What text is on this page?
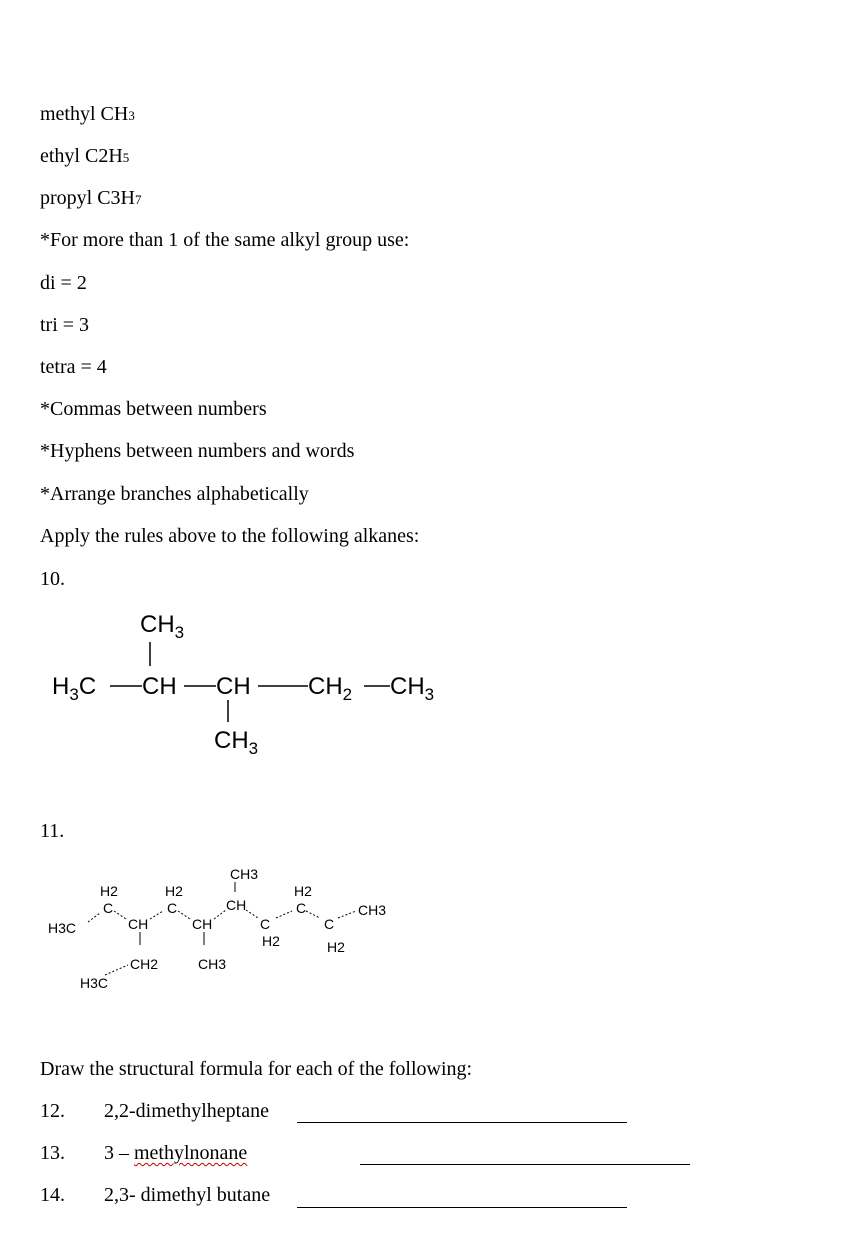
methyl CH3
ethyl C2H5
propyl C3H7
*For more than 1 of the same alkyl group use:
di = 2
tri = 3
tetra = 4
*Commas between numbers
*Hyphens between numbers and words
*Arrange branches alphabetically
Apply the rules above to the following alkanes:
10.
$CH_3$
$H_3C$ CH CH $CH_2$ $CH_3$
$CH_3$
11.
H3C
H2
C
CH
H2
C
CH
CH3
CH
C
H2
H2
C
C
H2
CH3
CH2
H3C
CH3
Draw the structural formula for each of the following:
12. 2,2-dimethylheptane
13. 3 – methylnonane
14. 2,3- dimethyl butane
